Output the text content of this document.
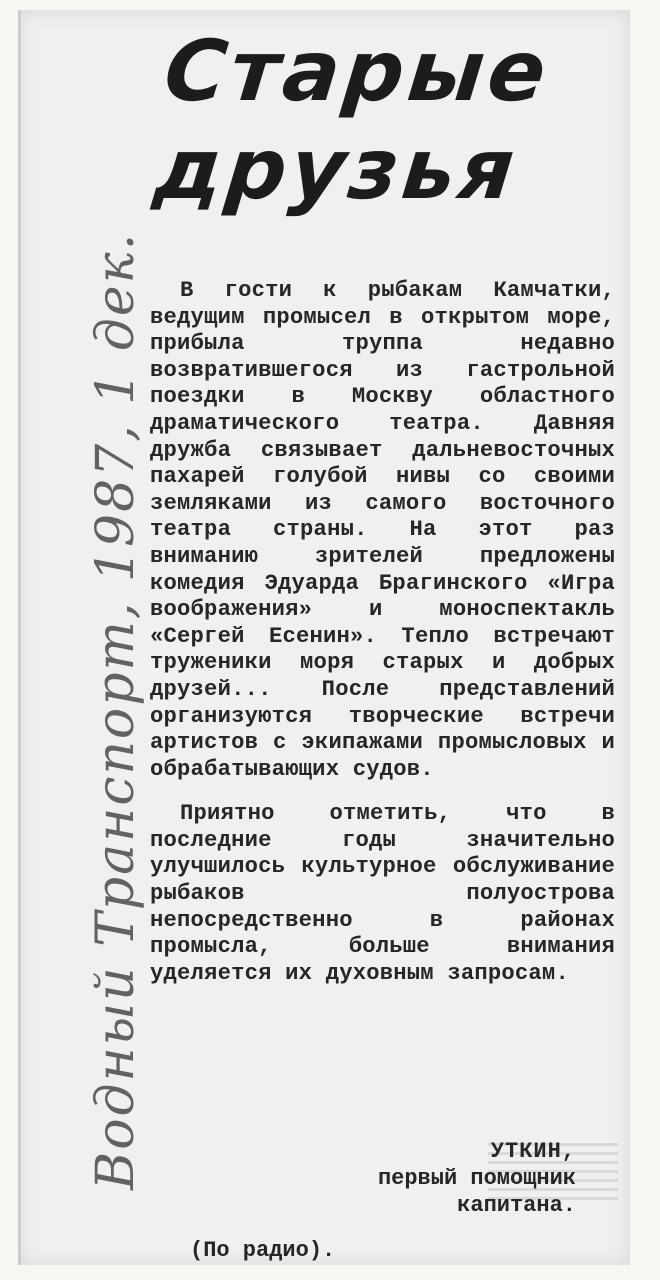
Старые
друзья

В гости к рыбакам Камчатки, ведущим промысел в открытом море, прибыла труппа недавно возвратившегося из гастрольной поездки в Москву областного драматического театра. Давняя дружба связывает дальневосточных пахарей голубой нивы со своими земляками из самого восточного театра страны. На этот раз вниманию зрителей предложены комедия Эдуарда Брагинского «Игра воображения» и моноспектакль «Сергей Есенин». Тепло встречают труженики моря старых и добрых друзей... После представлений организуются творческие встречи артистов с экипажами промысловых и обрабатывающих судов.

Приятно отметить, что в последние годы значительно улучшилось культурное обслуживание рыбаков полуострова непосредственно в районах промысла, больше внимания уделяется их духовным запросам.

УТКИН,
первый помощник
капитана.
(По радио).
Водный Транспорт, 1987, 1 дек.
